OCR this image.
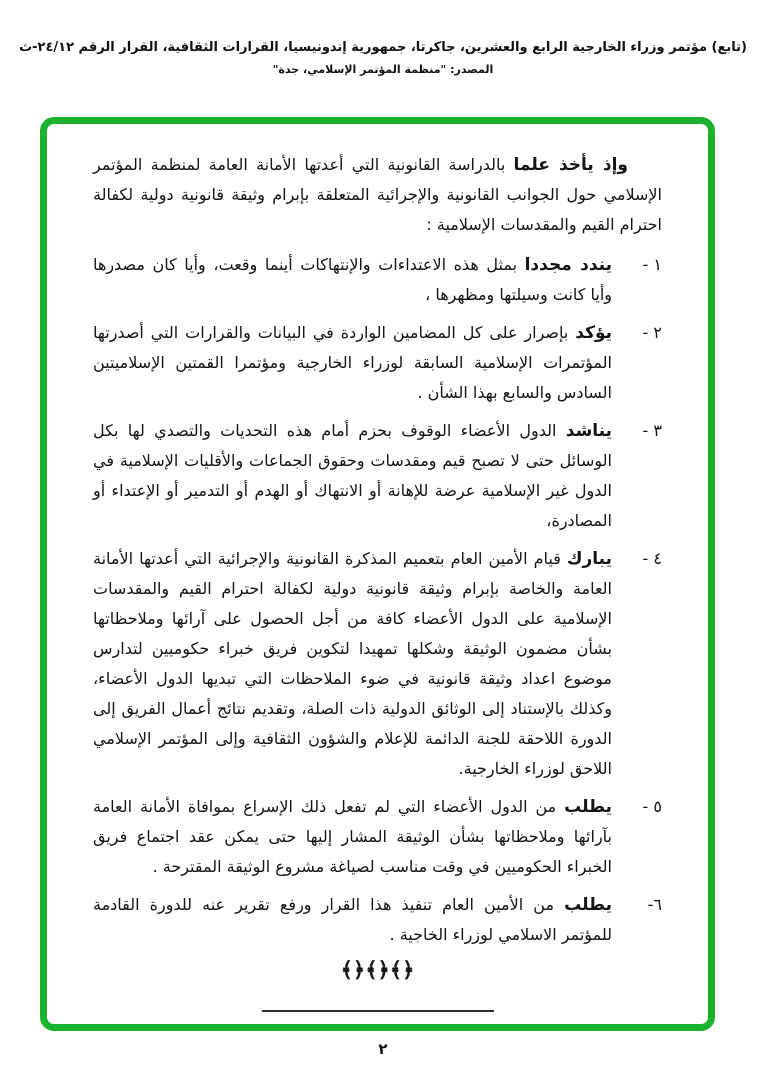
(تابع) مؤتمر وزراء الخارجية الرابع والعشرين، جاكرتا، جمهورية إندونيسيا، القرارات الثقافية، القرار الرقم ٢٤/١٢-ث
المصدر: "منظمة المؤتمر الإسلامي، جدة"

وإذ يأخذ علما بالدراسة القانونية التي أعدتها الأمانة العامة لمنظمة المؤتمر الإسلامي حول الجوانب القانونية والإجرائية المتعلقة بإبرام وثيقة قانونية دولية لكفالة احترام القيم والمقدسات الإسلامية :

١ -
يندد مجددا بمثل هذه الاعتداءات والإنتهاكات أينما وقعت، وأيا كان مصدرها وأيا كانت وسيلتها ومظهرها ،
٢ -
يؤكد بإصرار على كل المضامين الواردة في البيانات والقرارات التي أصدرتها المؤتمرات الإسلامية السابقة لوزراء الخارجية ومؤتمرا القمتين الإسلاميتين السادس والسابع بهذا الشأن .
٣ -
يناشد الدول الأعضاء الوقوف بحزم أمام هذه التحديات والتصدي لها بكل الوسائل حتى لا تصبح قيم ومقدسات وحقوق الجماعات والأقليات الإسلامية في الدول غير الإسلامية عرضة للإهانة أو الانتهاك أو الهدم أو التدمير أو الإعتداء أو المصادرة،
٤ -
يبارك قيام الأمين العام بتعميم المذكرة القانونية والإجرائية التي أعدتها الأمانة العامة والخاصة بإبرام وثيقة قانونية دولية لكفالة احترام القيم والمقدسات الإسلامية على الدول الأعضاء كافة من أجل الحصول على آرائها وملاحظاتها بشأن مضمون الوثيقة وشكلها تمهيدا لتكوين فريق خبراء حكوميين لتدارس موضوع اعداد وثيقة قانونية في ضوء الملاحظات التي تبديها الدول الأعضاء، وكذلك بالإستناد إلى الوثائق الدولية ذات الصلة، وتقديم نتائج أعمال الفريق إلى الدورة اللاحقة للجنة الدائمة للإعلام والشؤون الثقافية وإلى المؤتمر الإسلامي اللاحق لوزراء الخارجية.
٥ -
يطلب من الدول الأعضاء التي لم تفعل ذلك الإسراع بموافاة الأمانة العامة بآرائها وملاحظاتها بشأن الوثيقة المشار إليها حتى يمكن عقد اجتماع فريق الخبراء الحكوميين في وقت مناسب لصياغة مشروع الوثيقة المقترحة .
٦-
يطلب من الأمين العام تنفيذ هذا القرار ورفع تقرير عنه للدورة القادمة للمؤتمر الاسلامي لوزراء الخاجية .
﴾﴿﴾﴿﴾﴿
٢
